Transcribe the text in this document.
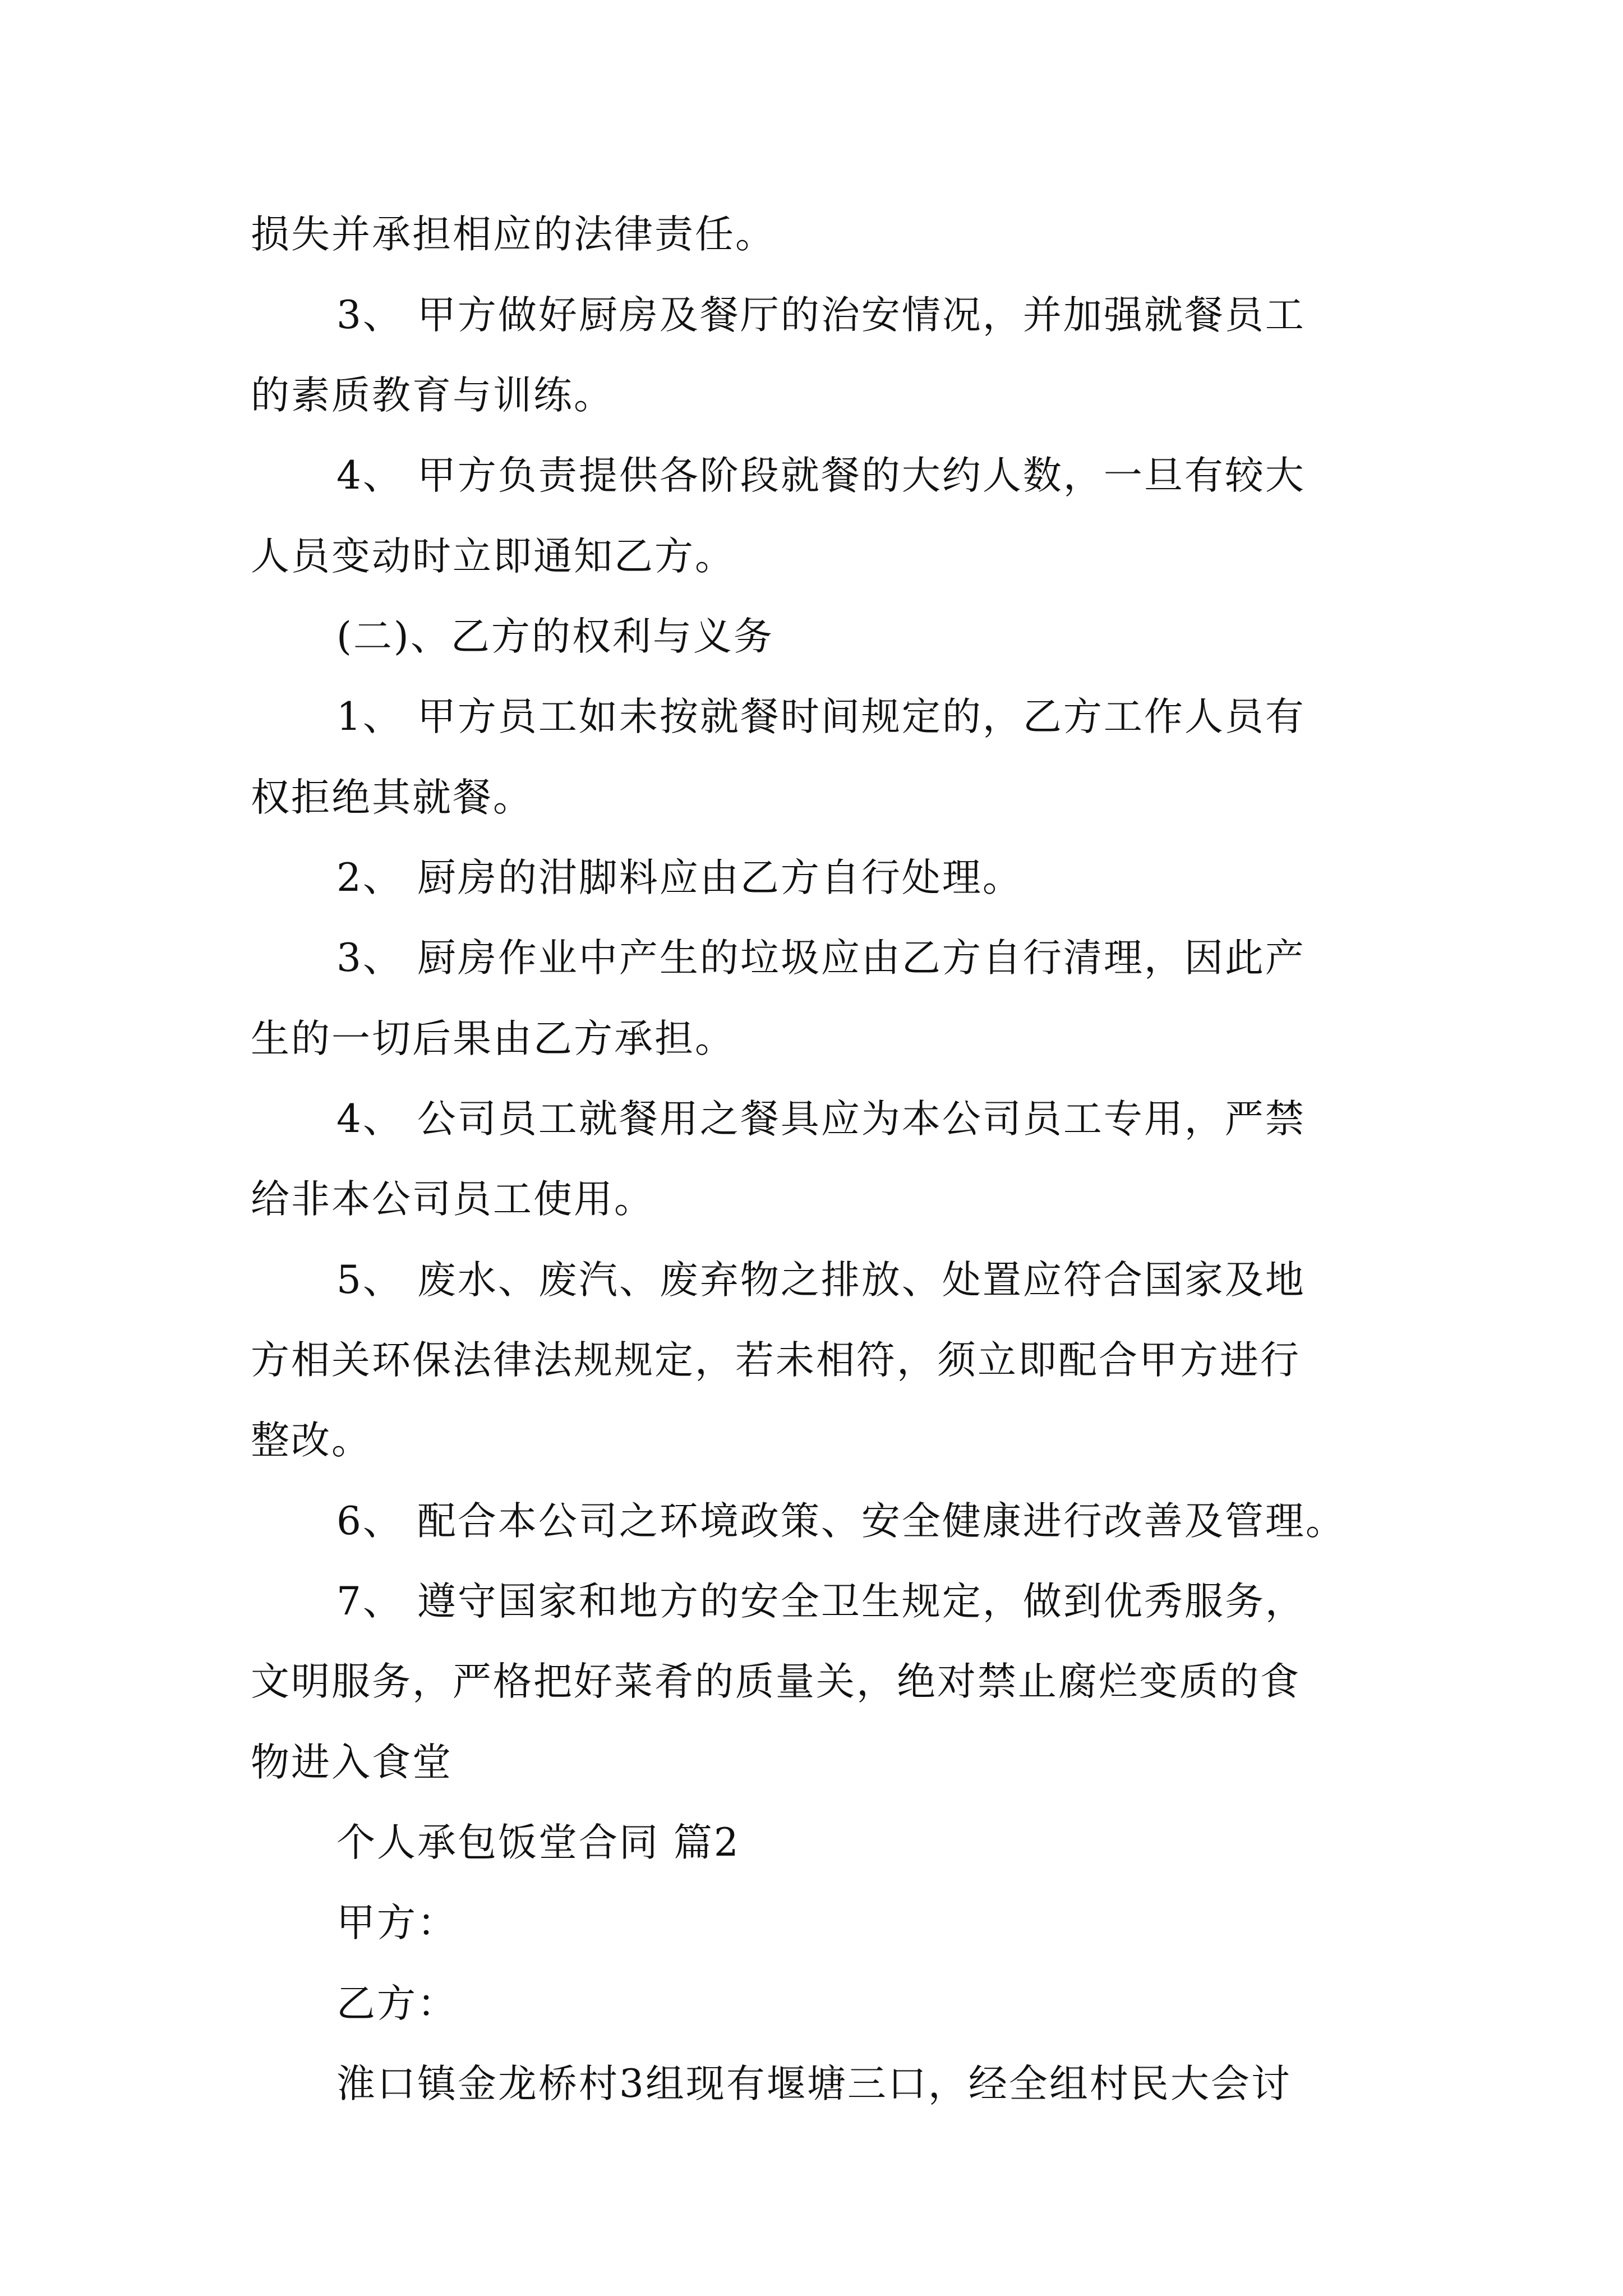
损失并承担相应的法律责任。
3、 甲方做好厨房及餐厅的治安情况，并加强就餐员工
的素质教育与训练。
4、 甲方负责提供各阶段就餐的大约人数，一旦有较大
人员变动时立即通知乙方。
(二)、乙方的权利与义务
1、 甲方员工如未按就餐时间规定的，乙方工作人员有
权拒绝其就餐。
2、 厨房的泔脚料应由乙方自行处理。
3、 厨房作业中产生的垃圾应由乙方自行清理，因此产
生的一切后果由乙方承担。
4、 公司员工就餐用之餐具应为本公司员工专用，严禁
给非本公司员工使用。
5、 废水、废汽、废弃物之排放、处置应符合国家及地
方相关环保法律法规规定，若未相符，须立即配合甲方进行
整改。
6、 配合本公司之环境政策、安全健康进行改善及管理。
7、 遵守国家和地方的安全卫生规定，做到优秀服务，
文明服务，严格把好菜肴的质量关，绝对禁止腐烂变质的食
物进入食堂
个人承包饭堂合同 篇2
甲方：
乙方：
淮口镇金龙桥村3组现有堰塘三口，经全组村民大会讨
